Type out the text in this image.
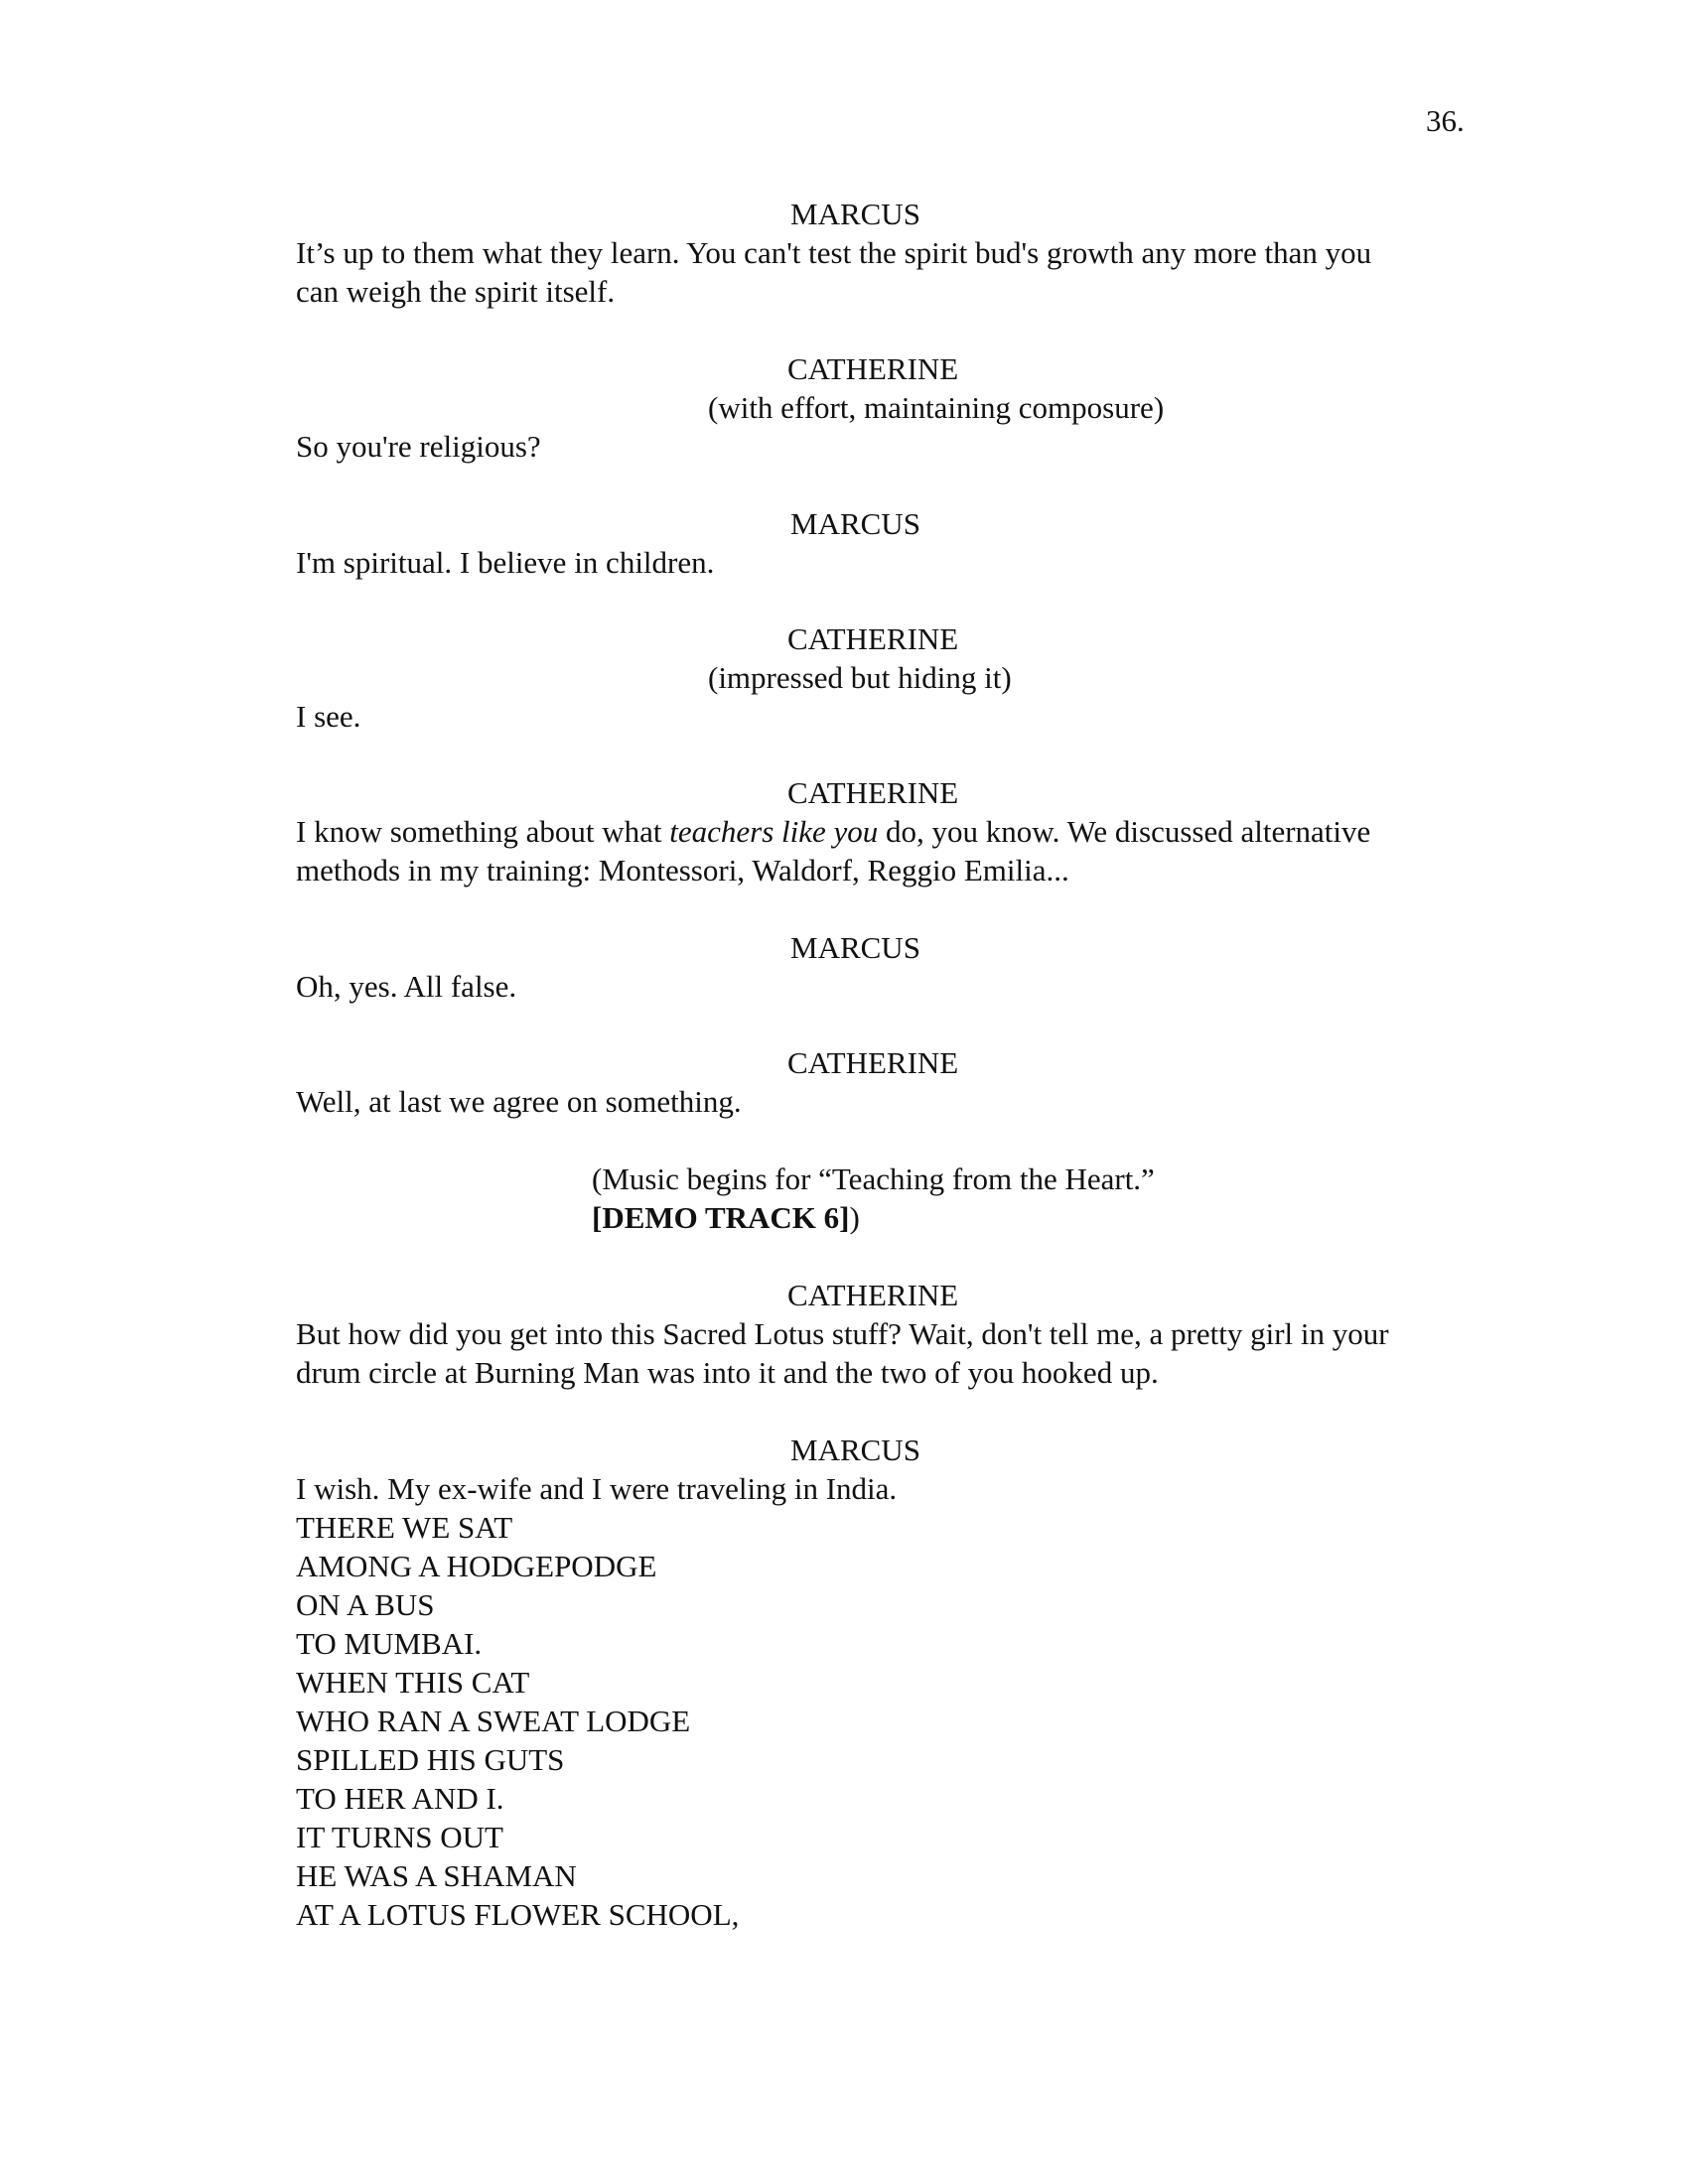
36.
MARCUS
It’s up to them what they learn. You can't test the spirit bud's growth any more than you
can weigh the spirit itself.
CATHERINE
(with effort, maintaining composure)
So you're religious?
MARCUS
I'm spiritual. I believe in children.
CATHERINE
(impressed but hiding it)
I see.
CATHERINE
I know something about what teachers like you do, you know. We discussed alternative
methods in my training: Montessori, Waldorf, Reggio Emilia...
MARCUS
Oh, yes. All false.
CATHERINE
Well, at last we agree on something.
(Music begins for “Teaching from the Heart.”
[DEMO TRACK 6])
CATHERINE
But how did you get into this Sacred Lotus stuff? Wait, don't tell me, a pretty girl in your
drum circle at Burning Man was into it and the two of you hooked up.
MARCUS
I wish. My ex-wife and I were traveling in India.
THERE WE SAT
AMONG A HODGEPODGE
ON A BUS
TO MUMBAI.
WHEN THIS CAT
WHO RAN A SWEAT LODGE
SPILLED HIS GUTS
TO HER AND I.
IT TURNS OUT
HE WAS A SHAMAN
AT A LOTUS FLOWER SCHOOL,
